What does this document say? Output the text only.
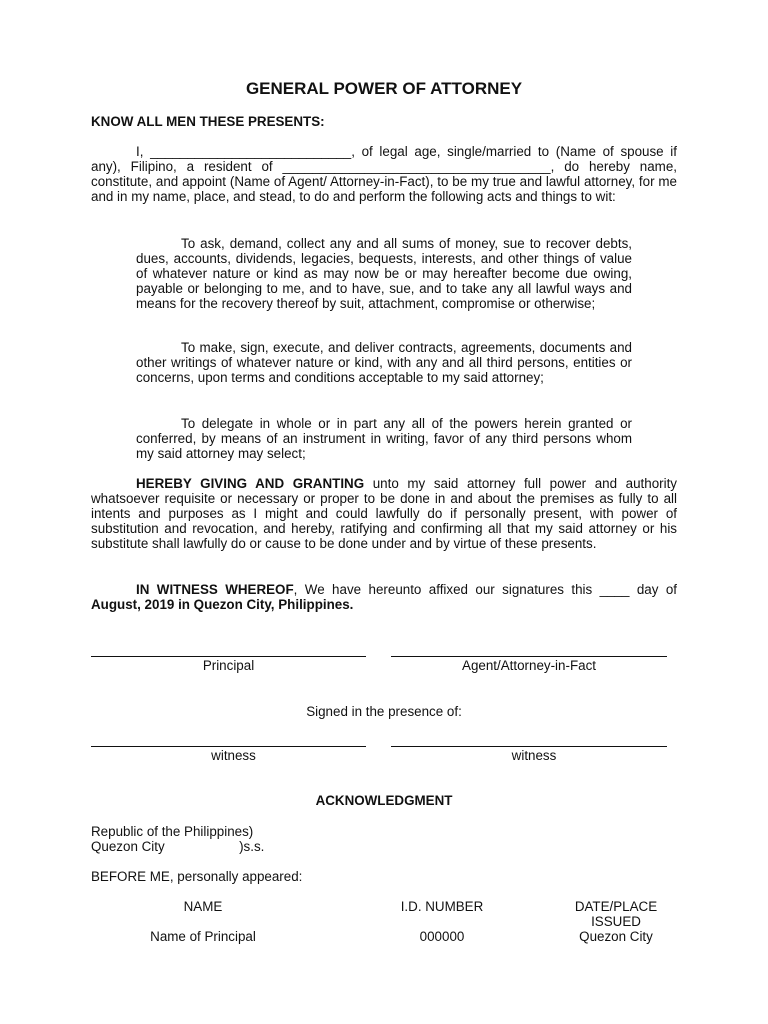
GENERAL POWER OF ATTORNEY
KNOW ALL MEN THESE PRESENTS:
I, ___________________________, of legal age, single/married to (Name of spouse if any), Filipino, a resident of ____________________________________, do hereby name, constitute, and appoint (Name of Agent/ Attorney-in-Fact), to be my true and lawful attorney, for me and in my name, place, and stead, to do and perform the following acts and things to wit:
To ask, demand, collect any and all sums of money, sue to recover debts, dues, accounts, dividends, legacies, bequests, interests, and other things of value of whatever nature or kind as may now be or may hereafter become due owing, payable or belonging to me, and to have, sue, and to take any all lawful ways and means for the recovery thereof by suit, attachment, compromise or otherwise;
To make, sign, execute, and deliver contracts, agreements, documents and other writings of whatever nature or kind, with any and all third persons, entities or concerns, upon terms and conditions acceptable to my said attorney;
To delegate in whole or in part any all of the powers herein granted or conferred, by means of an instrument in writing, favor of any third persons whom my said attorney may select;
HEREBY GIVING AND GRANTING unto my said attorney full power and authority whatsoever requisite or necessary or proper to be done in and about the premises as fully to all intents and purposes as I might and could lawfully do if personally present, with power of substitution and revocation, and hereby, ratifying and confirming all that my said attorney or his substitute shall lawfully do or cause to be done under and by virtue of these presents.
IN WITNESS WHEREOF, We have hereunto affixed our signatures this ____ day of August, 2019 in Quezon City, Philippines.
Principal	Agent/Attorney-in-Fact
Signed in the presence of:
witness	witness
ACKNOWLEDGMENT
Republic of the Philippines)
Quezon City                    )s.s.
BEFORE ME, personally appeared:
NAME	I.D. NUMBER	DATE/PLACE
ISSUED
Name of Principal	000000	Quezon City
